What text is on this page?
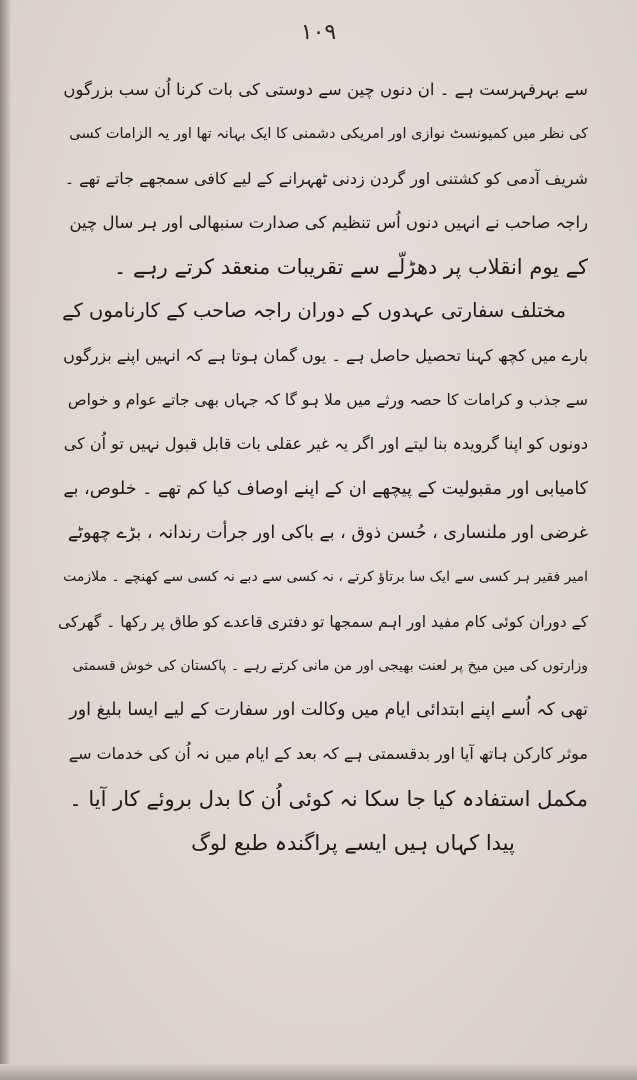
۱۰۹
سے بہرفہرست ہے ۔ ان دنوں چین سے دوستی کی بات کرنا اُن سب بزرگوں
کی نظر میں کمیونسٹ نوازی اور امریکی دشمنی کا ایک بہانہ تھا اور یہ الزامات کسی
شریف آدمی کو کشتنی اور گردن زدنی ٹھہرانے کے لیے کافی سمجھے جاتے تھے ۔
راجہ صاحب نے انہیں دنوں اُس تنظیم کی صدارت سنبھالی اور ہر سال چین
کے یوم انقلاب پر دھڑلّے سے تقریبات منعقد کرتے رہے ۔
مختلف سفارتی عہدوں کے دوران راجہ صاحب کے کارناموں کے
بارے میں کچھ کہنا تحصیل حاصل ہے ۔ یوں گمان ہوتا ہے کہ انہیں اپنے بزرگوں
سے جذب و کرامات کا حصہ ورثے میں ملا ہو گا کہ جہاں بھی جاتے عوام و خواص
دونوں کو اپنا گرویدہ بنا لیتے اور اگر یہ غیر عقلی بات قابل قبول نہیں تو اُن کی
کامیابی اور مقبولیت کے پیچھے ان کے اپنے اوصاف کیا کم تھے ۔ خلوص، بے
غرضی اور ملنساری ، حُسن ذوق ، بے باکی اور جرأت رندانہ ، بڑے چھوٹے
امیر فقیر ہر کسی سے ایک سا برتاؤ کرتے ، نہ کسی سے دبے نہ کسی سے کھنچے ۔ ملازمت
کے دوران کوئی کام مفید اور اہم سمجھا تو دفتری قاعدے کو طاق پر رکھا ۔ گھرکی
وزارتوں کی مین میخ پر لعنت بھیجی اور من مانی کرتے رہے ۔ پاکستان کی خوش قسمتی
تھی کہ اُسے اپنے ابتدائی ایام میں وکالت اور سفارت کے لیے ایسا بلیغ اور
موثر کارکن ہاتھ آیا اور بدقسمتی ہے کہ بعد کے ایام میں نہ اُن کی خدمات سے
مکمل استفادہ کیا جا سکا نہ کوئی اُن کا بدل بروئے کار آیا ۔
پیدا کہاں ہیں ایسے پراگندہ طبع لوگ
